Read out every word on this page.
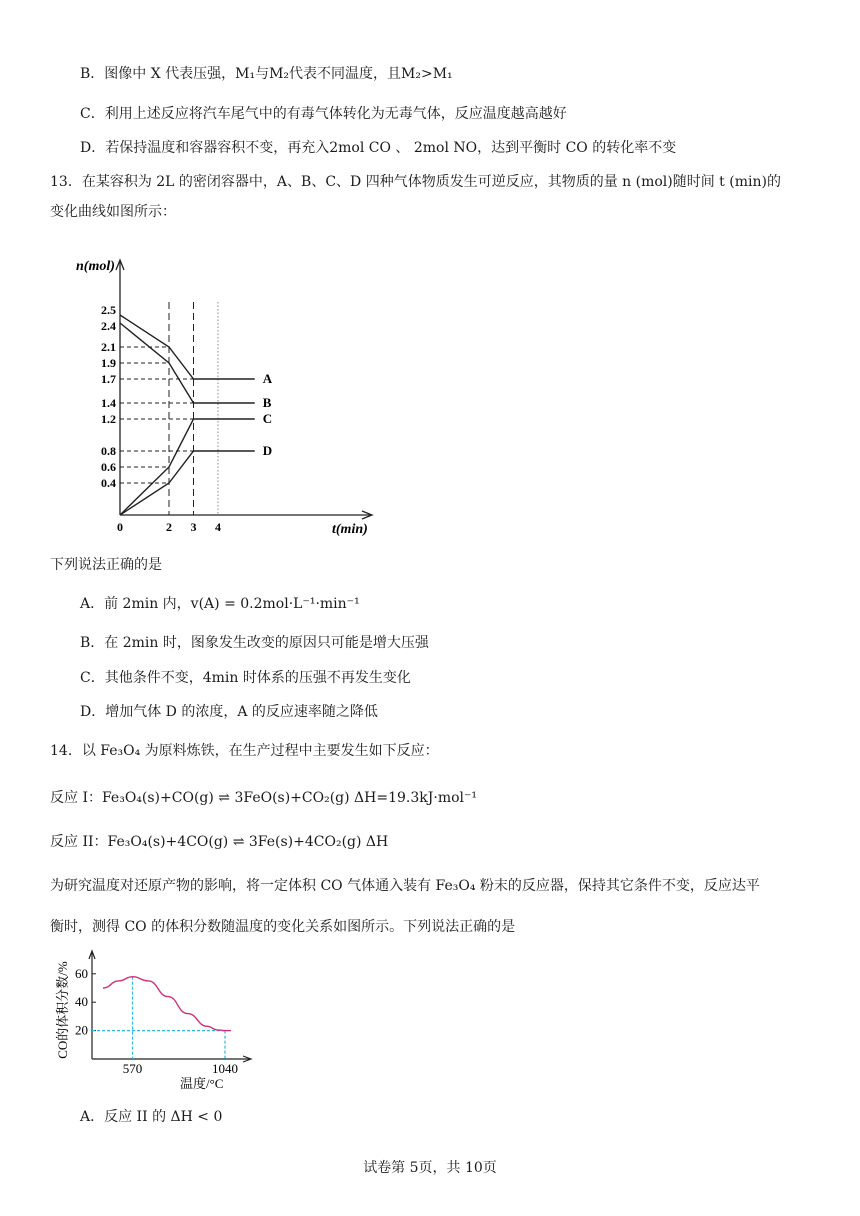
B．图像中 X 代表压强，M₁与M₂代表不同温度，且M₂>M₁
C．利用上述反应将汽车尾气中的有毒气体转化为无毒气体，反应温度越高越好
D．若保持温度和容器容积不变，再充入2mol CO 、 2mol NO，达到平衡时 CO 的转化率不变
13．在某容积为 2L 的密闭容器中，A、B、C、D 四种气体物质发生可逆反应，其物质的量 n (mol)随时间 t (min)的
变化曲线如图所示：
n(mol)
t(min)
0	2 3 4
0.4
0.6
0.8
1.2
1.4
1.7
1.9
2.1
2.4
2.5
A
B
C
D
下列说法正确的是
A．前 2min 内，v(A) = 0.2mol·L⁻¹·min⁻¹
B．在 2min 时，图象发生改变的原因只可能是增大压强
C．其他条件不变，4min 时体系的压强不再发生变化
D．增加气体 D 的浓度，A 的反应速率随之降低
14．以 Fe₃O₄ 为原料炼铁，在生产过程中主要发生如下反应：
反应 I：Fe₃O₄(s)+CO(g) ⇌ 3FeO(s)+CO₂(g) ΔH=19.3kJ·mol⁻¹
反应 II：Fe₃O₄(s)+4CO(g) ⇌ 3Fe(s)+4CO₂(g) ΔH
为研究温度对还原产物的影响，将一定体积 CO 气体通入装有 Fe₃O₄ 粉末的反应器，保持其它条件不变，反应达平
衡时，测得 CO 的体积分数随温度的变化关系如图所示。下列说法正确的是
CO的体积分数/%
温度/°C
20
40
60
570	1040
A．反应 II 的 ΔH < 0
试卷第 5页，共 10页
